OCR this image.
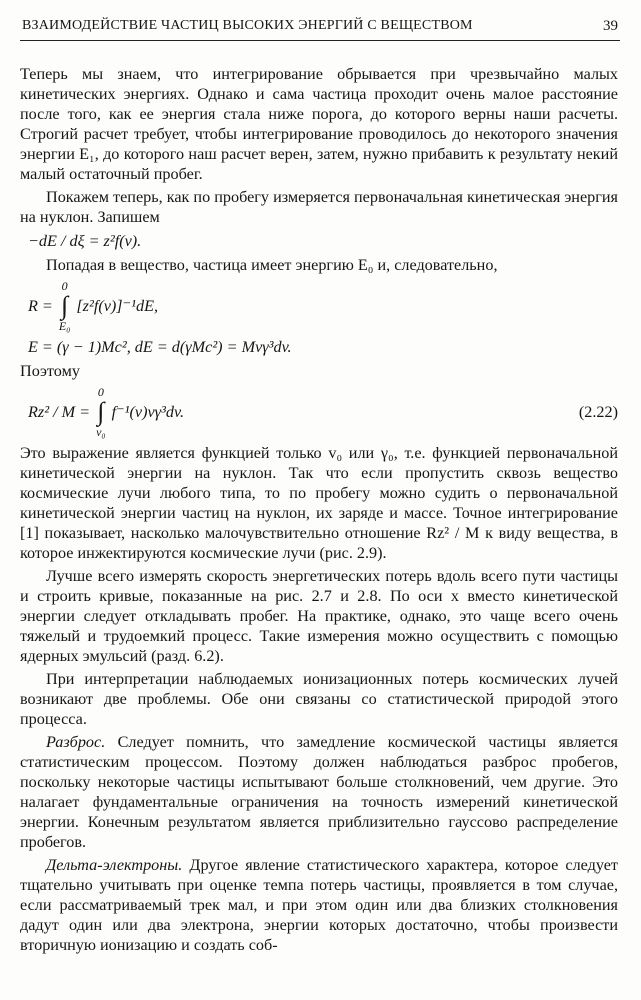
ВЗАИМОДЕЙСТВИЕ ЧАСТИЦ ВЫСОКИХ ЭНЕРГИЙ С ВЕЩЕСТВОМ	39

Теперь мы знаем, что интегрирование обрывается при чрезвычайно малых кинетических энергиях. Однако и сама частица проходит очень малое расстояние после того, как ее энергия стала ниже порога, до которого верны наши расчеты. Строгий расчет требует, чтобы интегрирование проводилось до некоторого значения энергии E₁, до которого наш расчет верен, затем, нужно прибавить к результату некий малый остаточный пробег.

Покажем теперь, как по пробегу измеряется первоначальная кинетическая энергия на нуклон. Запишем

−dE / dξ = z²f(v).

Попадая в вещество, частица имеет энергию E₀ и, следовательно,

R =
0
∫
E₀
[z²f(v)]⁻¹dE,
E = (γ − 1)Mc², dE = d(γMc²) = Mvγ³dv.

Поэтому

Rz² / M =
0
∫
v₀
f⁻¹(v)vγ³dv.	(2.22)

Это выражение является функцией только v₀ или γ₀, т.е. функцией первоначальной кинетической энергии на нуклон. Так что если пропустить сквозь вещество космические лучи любого типа, то по пробегу можно судить о первоначальной кинетической энергии частиц на нуклон, их заряде и массе. Точное интегрирование [1] показывает, насколько малочувствительно отношение Rz² / M к виду вещества, в которое инжектируются космические лучи (рис. 2.9).

Лучше всего измерять скорость энергетических потерь вдоль всего пути частицы и строить кривые, показанные на рис. 2.7 и 2.8. По оси x вместо кинетической энергии следует откладывать пробег. На практике, однако, это чаще всего очень тяжелый и трудоемкий процесс. Такие измерения можно осуществить с помощью ядерных эмульсий (разд. 6.2).

При интерпретации наблюдаемых ионизационных потерь космических лучей возникают две проблемы. Обе они связаны со статистической природой этого процесса.

Разброс. Следует помнить, что замедление космической частицы является статистическим процессом. Поэтому должен наблюдаться разброс пробегов, поскольку некоторые частицы испытывают больше столкновений, чем другие. Это налагает фундаментальные ограничения на точность измерений кинетической энергии. Конечным результатом является приблизительно гауссово распределение пробегов.

Дельта-электроны. Другое явление статистического характера, которое следует тщательно учитывать при оценке темпа потерь частицы, проявляется в том случае, если рассматриваемый трек мал, и при этом один или два близких столкновения дадут один или два электрона, энергии которых достаточно, чтобы произвести вторичную ионизацию и создать соб-
